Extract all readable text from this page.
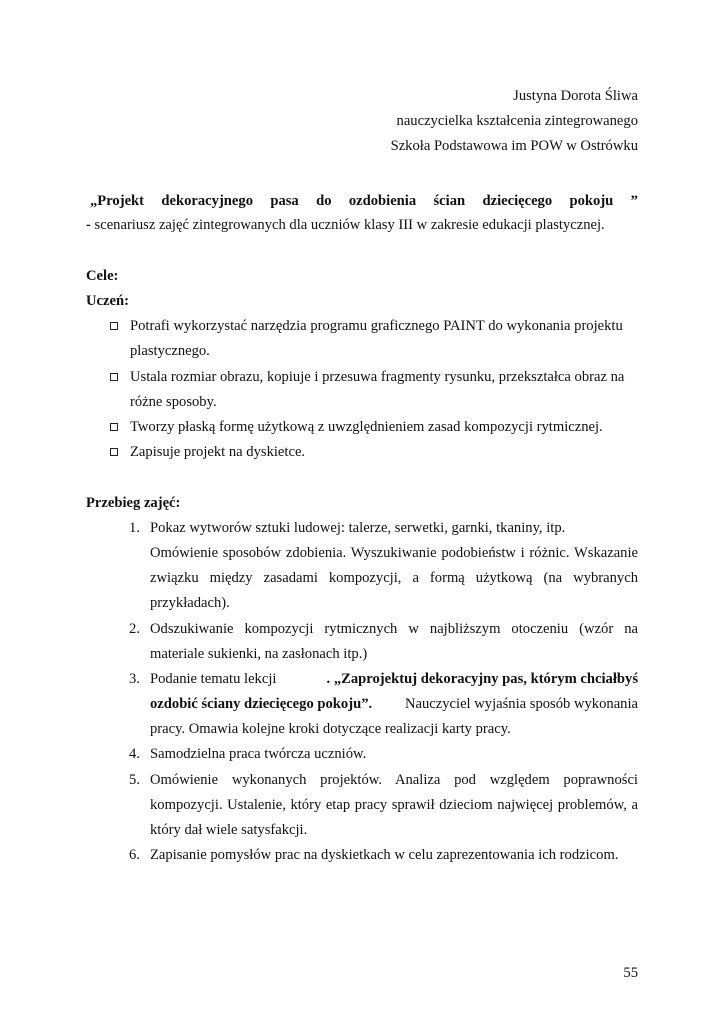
Justyna Dorota Śliwa
nauczycielka kształcenia zintegrowanego
Szkoła Podstawowa im POW w Ostrówku
„Projekt dekoracyjnego pasa do ozdobienia ścian dziecięcego pokoju ”
- scenariusz zajęć zintegrowanych dla uczniów klasy III w zakresie edukacji plastycznej.
Cele:
Uczeń:
Potrafi wykorzystać narzędzia programu graficznego PAINT do wykonania projektu
plastycznego.
Ustala rozmiar obrazu, kopiuje i przesuwa fragmenty rysunku, przekształca obraz na
różne sposoby.
Tworzy płaską formę użytkową z uwzględnieniem zasad kompozycji rytmicznej.
Zapisuje projekt na dyskietce.
Przebieg zajęć:
1. Pokaz wytworów sztuki ludowej: talerze, serwetki, garnki, tkaniny, itp.
Omówienie sposobów zdobienia. Wyszukiwanie podobieństw i różnic. Wskazanie
związku między zasadami kompozycji, a formą użytkową (na wybranych
przykładach).
2. Odszukiwanie kompozycji rytmicznych w najbliższym otoczeniu (wzór na
materiale sukienki, na zasłonach itp.)
3. Podanie tematu lekcji	. „Zaprojektuj dekoracyjny pas, którym chciałbyś
ozdobić ściany dziecięcego pokoju”. Nauczyciel wyjaśnia sposób wykonania
pracy. Omawia kolejne kroki dotyczące realizacji karty pracy.
4. Samodzielna praca twórcza uczniów.
5. Omówienie wykonanych projektów. Analiza pod względem poprawności
kompozycji. Ustalenie, który etap pracy sprawił dzieciom najwięcej problemów, a
który dał wiele satysfakcji.
6. Zapisanie pomysłów prac na dyskietkach w celu zaprezentowania ich rodzicom.
55
